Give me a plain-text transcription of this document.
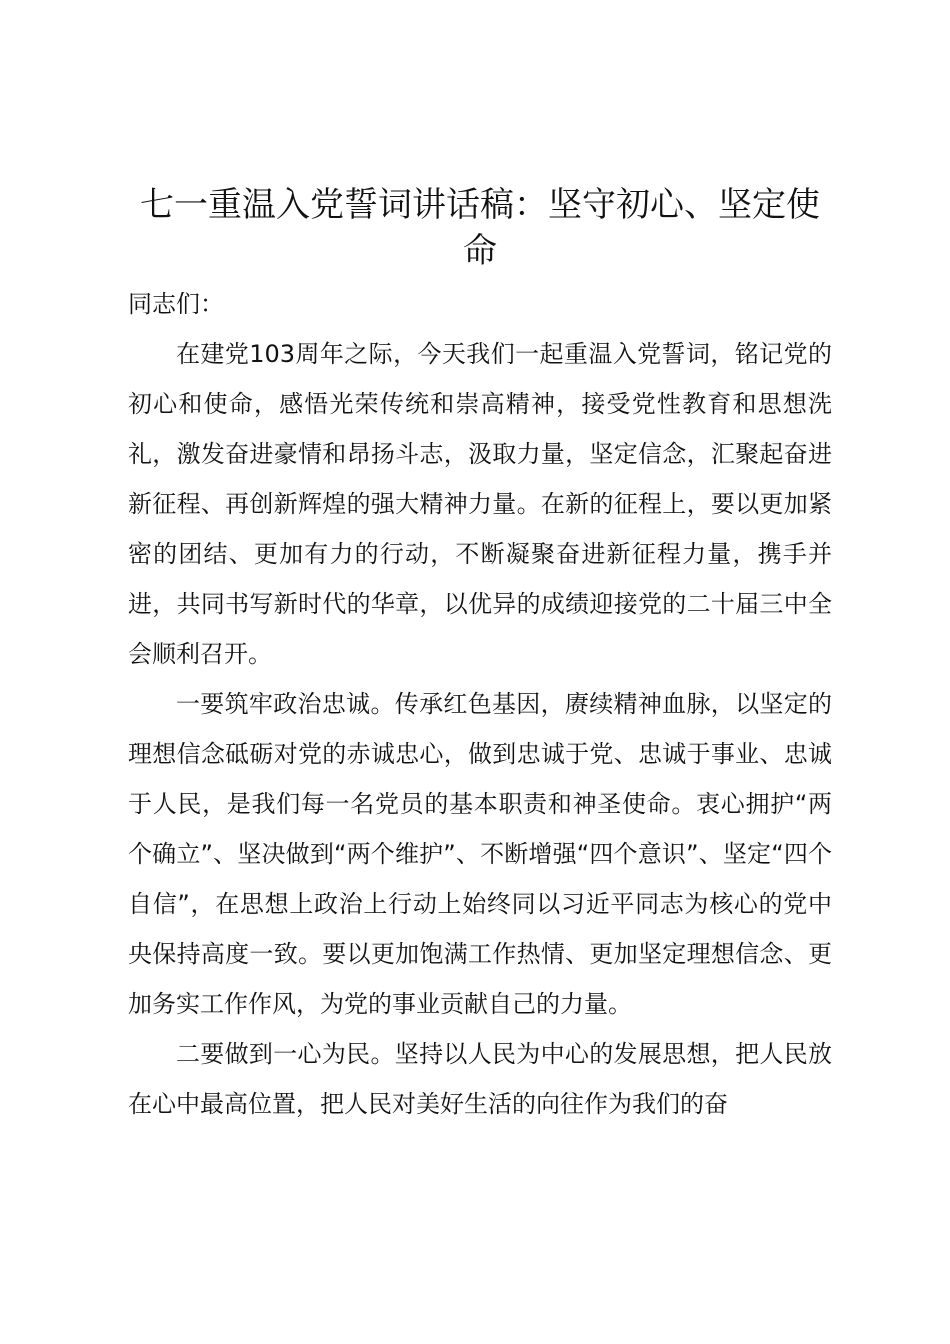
七一重温入党誓词讲话稿：坚守初心、坚定使命

同志们：

在建党103周年之际，今天我们一起重温入党誓词，铭记党的初心和使命，感悟光荣传统和崇高精神，接受党性教育和思想洗礼，激发奋进豪情和昂扬斗志，汲取力量，坚定信念，汇聚起奋进新征程、再创新辉煌的强大精神力量。在新的征程上，要以更加紧密的团结、更加有力的行动，不断凝聚奋进新征程力量，携手并进，共同书写新时代的华章，以优异的成绩迎接党的二十届三中全会顺利召开。

一要筑牢政治忠诚。传承红色基因，赓续精神血脉，以坚定的理想信念砥砺对党的赤诚忠心，做到忠诚于党、忠诚于事业、忠诚于人民，是我们每一名党员的基本职责和神圣使命。衷心拥护“两个确立”、坚决做到“两个维护”、不断增强“四个意识”、坚定“四个自信”，在思想上政治上行动上始终同以习近平同志为核心的党中央保持高度一致。要以更加饱满工作热情、更加坚定理想信念、更加务实工作作风，为党的事业贡献自己的力量。

二要做到一心为民。坚持以人民为中心的发展思想，把人民放在心中最高位置，把人民对美好生活的向往作为我们的奋
